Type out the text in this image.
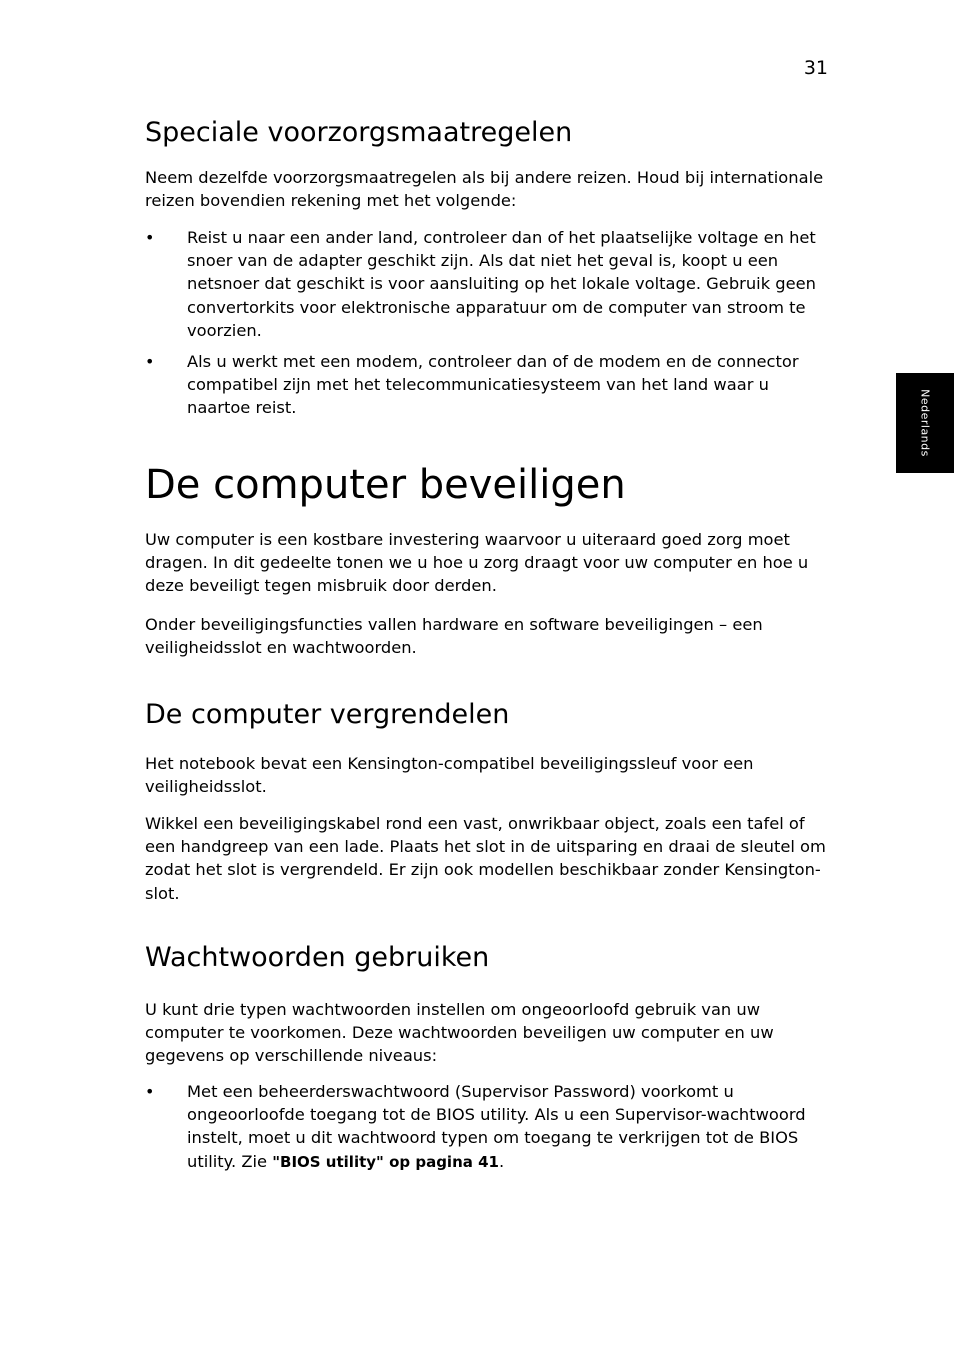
31
Nederlands
Speciale voorzorgsmaatregelen

Neem dezelfde voorzorgsmaatregelen als bij andere reizen. Houd bij internationale reizen bovendien rekening met het volgende:

• Reist u naar een ander land, controleer dan of het plaatselijke voltage en het snoer van de adapter geschikt zijn. Als dat niet het geval is, koopt u een netsnoer dat geschikt is voor aansluiting op het lokale voltage. Gebruik geen convertorkits voor elektronische apparatuur om de computer van stroom te voorzien.

• Als u werkt met een modem, controleer dan of de modem en de connector compatibel zijn met het telecommunicatiesysteem van het land waar u naartoe reist.

De computer beveiligen

Uw computer is een kostbare investering waarvoor u uiteraard goed zorg moet dragen. In dit gedeelte tonen we u hoe u zorg draagt voor uw computer en hoe u deze beveiligt tegen misbruik door derden.

Onder beveiligingsfuncties vallen hardware en software beveiligingen – een veiligheidsslot en wachtwoorden.

De computer vergrendelen

Het notebook bevat een Kensington-compatibel beveiligingssleuf voor een veiligheidsslot.

Wikkel een beveiligingskabel rond een vast, onwrikbaar object, zoals een tafel of een handgreep van een lade. Plaats het slot in de uitsparing en draai de sleutel om zodat het slot is vergrendeld. Er zijn ook modellen beschikbaar zonder Kensington-slot.

Wachtwoorden gebruiken

U kunt drie typen wachtwoorden instellen om ongeoorloofd gebruik van uw computer te voorkomen. Deze wachtwoorden beveiligen uw computer en uw gegevens op verschillende niveaus:

• Met een beheerderswachtwoord (Supervisor Password) voorkomt u ongeoorloofde toegang tot de BIOS utility. Als u een Supervisor-wachtwoord instelt, moet u dit wachtwoord typen om toegang te verkrijgen tot de BIOS utility. Zie "BIOS utility" op pagina 41.
